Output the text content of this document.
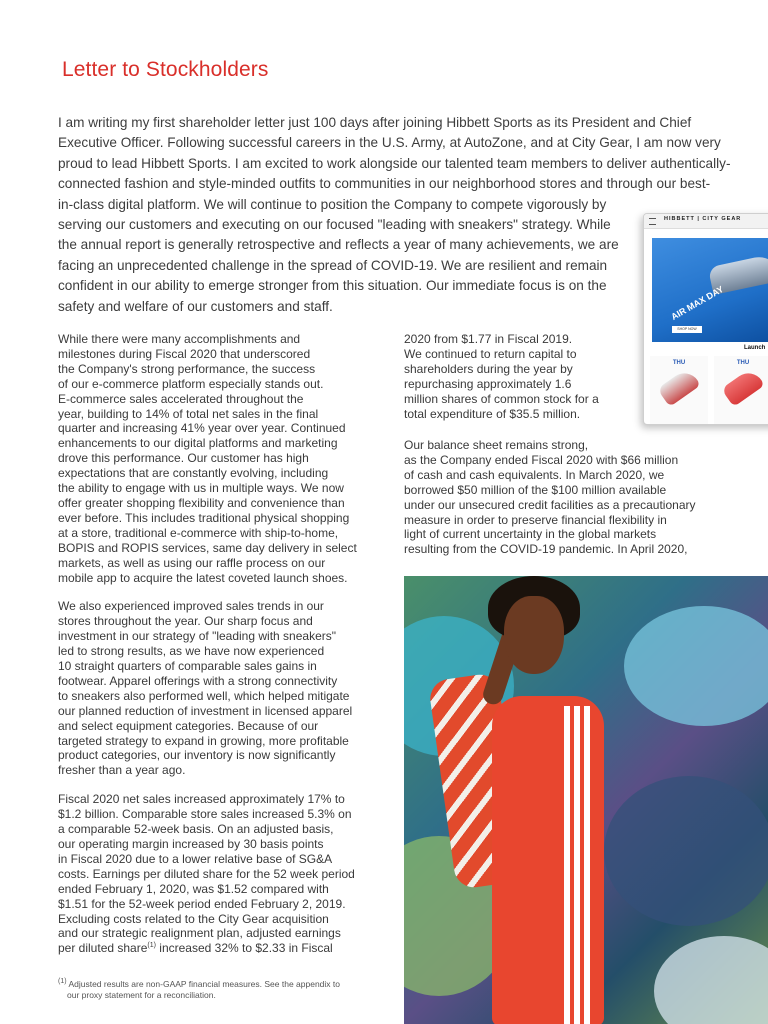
Letter to Stockholders
I am writing my first shareholder letter just 100 days after joining Hibbett Sports as its President and Chief
Executive Officer. Following successful careers in the U.S. Army, at AutoZone, and at City Gear, I am now very
proud to lead Hibbett Sports. I am excited to work alongside our talented team members to deliver authentically-
connected fashion and style-minded outfits to communities in our neighborhood stores and through our best-
in-class digital platform. We will continue to position the Company to compete vigorously by
serving our customers and executing on our focused "leading with sneakers" strategy. While
the annual report is generally retrospective and reflects a year of many achievements, we are
facing an unprecedented challenge in the spread of COVID-19. We are resilient and remain
confident in our ability to emerge stronger from this situation. Our immediate focus is on the
safety and welfare of our customers and staff.
While there were many accomplishments and
milestones during Fiscal 2020 that underscored
the Company's strong performance, the success
of our e-commerce platform especially stands out.
E-commerce sales accelerated throughout the
year, building to 14% of total net sales in the final
quarter and increasing 41% year over year. Continued
enhancements to our digital platforms and marketing
drove this performance. Our customer has high
expectations that are constantly evolving, including
the ability to engage with us in multiple ways. We now
offer greater shopping flexibility and convenience than
ever before. This includes traditional physical shopping
at a store, traditional e-commerce with ship-to-home,
BOPIS and ROPIS services, same day delivery in select
markets, as well as using our raffle process on our
mobile app to acquire the latest coveted launch shoes.
We also experienced improved sales trends in our
stores throughout the year. Our sharp focus and
investment in our strategy of "leading with sneakers"
led to strong results, as we have now experienced
10 straight quarters of comparable sales gains in
footwear. Apparel offerings with a strong connectivity
to sneakers also performed well, which helped mitigate
our planned reduction of investment in licensed apparel
and select equipment categories. Because of our
targeted strategy to expand in growing, more profitable
product categories, our inventory is now significantly
fresher than a year ago.
Fiscal 2020 net sales increased approximately 17% to
$1.2 billion. Comparable store sales increased 5.3% on
a comparable 52-week basis. On an adjusted basis,
our operating margin increased by 30 basis points
in Fiscal 2020 due to a lower relative base of SG&A
costs. Earnings per diluted share for the 52 week period
ended February 1, 2020, was $1.52 compared with
$1.51 for the 52-week period ended February 2, 2019.
Excluding costs related to the City Gear acquisition
and our strategic realignment plan, adjusted earnings
per diluted share$^{(1)}$ increased 32% to $2.33 in Fiscal
2020 from $1.77 in Fiscal 2019.
We continued to return capital to
shareholders during the year by
repurchasing approximately 1.6
million shares of common stock for a
total expenditure of $35.5 million.
Our balance sheet remains strong,
as the Company ended Fiscal 2020 with $66 million
of cash and cash equivalents. In March 2020, we
borrowed $50 million of the $100 million available
under our unsecured credit facilities as a precautionary
measure in order to preserve financial flexibility in
light of current uncertainty in the global markets
resulting from the COVID-19 pandemic. In April 2020,
$^{(1)}$ Adjusted results are non-GAAP financial measures. See the appendix to
our proxy statement for a reconciliation.
HIBBETT | CITY GEAR
AIR MAX DAY
SHOP NOW
Launch
THU	THU
